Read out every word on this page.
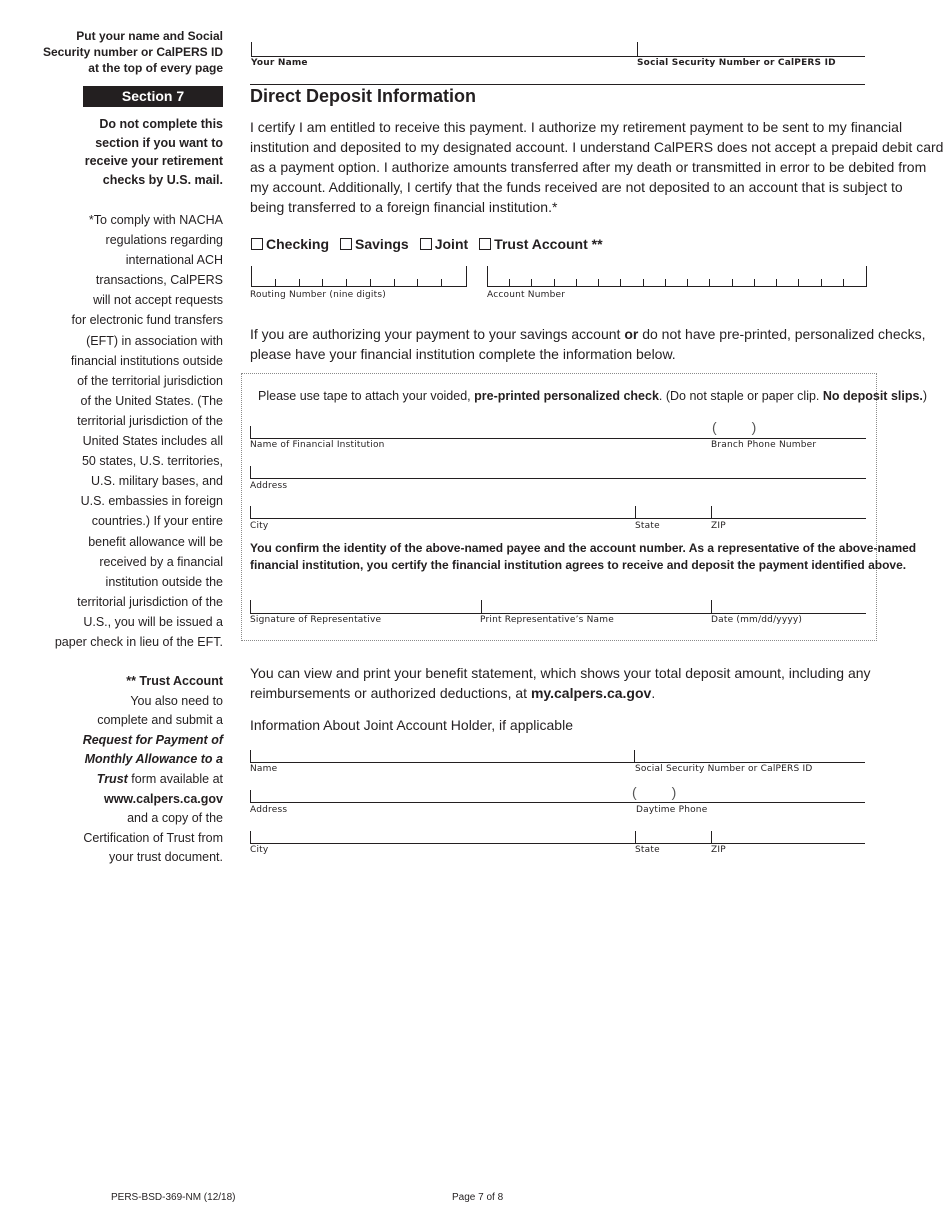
Put your name and Social
Security number or CalPERS ID
at the top of every page
Section 7
Do not complete this
section if you want to
receive your retirement
checks by U.S. mail.
*To comply with NACHA
regulations regarding
international ACH
transactions, CalPERS
will not accept requests
for electronic fund transfers
(EFT) in association with
financial institutions outside
of the territorial jurisdiction
of the United States. (The
territorial jurisdiction of the
United States includes all
50 states, U.S. territories,
U.S. military bases, and
U.S. embassies in foreign
countries.) If your entire
benefit allowance will be
received by a financial
institution outside the
territorial jurisdiction of the
U.S., you will be issued a
paper check in lieu of the EFT.
** Trust Account
You also need to
complete and submit a
Request for Payment of
Monthly Allowance to a
Trust form available at
www.calpers.ca.gov
and a copy of the
Certification of Trust from
your trust document.
Your Name	Social Security Number or CalPERS ID
Direct Deposit Information
I certify I am entitled to receive this payment. I authorize my retirement payment to be sent to my financial
institution and deposited to my designated account. I understand CalPERS does not accept a prepaid debit card
as a payment option. I authorize amounts transferred after my death or transmitted in error to be debited from
my account. Additionally, I certify that the funds received are not deposited to an account that is subject to
being transferred to a foreign financial institution.*
Checking Savings Joint Trust Account **
Routing Number (nine digits)	Account Number
If you are authorizing your payment to your savings account or do not have pre-printed, personalized checks,
please have your financial institution complete the information below.
Please use tape to attach your voided, pre-printed personalized check. (Do not staple or paper clip. No deposit slips.)
(         )
Name of Financial Institution	Branch Phone Number
Address
City	State	ZIP
You confirm the identity of the above-named payee and the account number. As a representative of the above-named
financial institution, you certify the financial institution agrees to receive and deposit the payment identified above.
Signature of Representative	Print Representative’s Name	Date (mm/dd/yyyy)
You can view and print your benefit statement, which shows your total deposit amount, including any
reimbursements or authorized deductions, at my.calpers.ca.gov.
Information About Joint Account Holder, if applicable
Name	Social Security Number or CalPERS ID
(         )
Address	Daytime Phone
City	State	ZIP
PERS-BSD-369-NM (12/18)	Page 7 of 8
